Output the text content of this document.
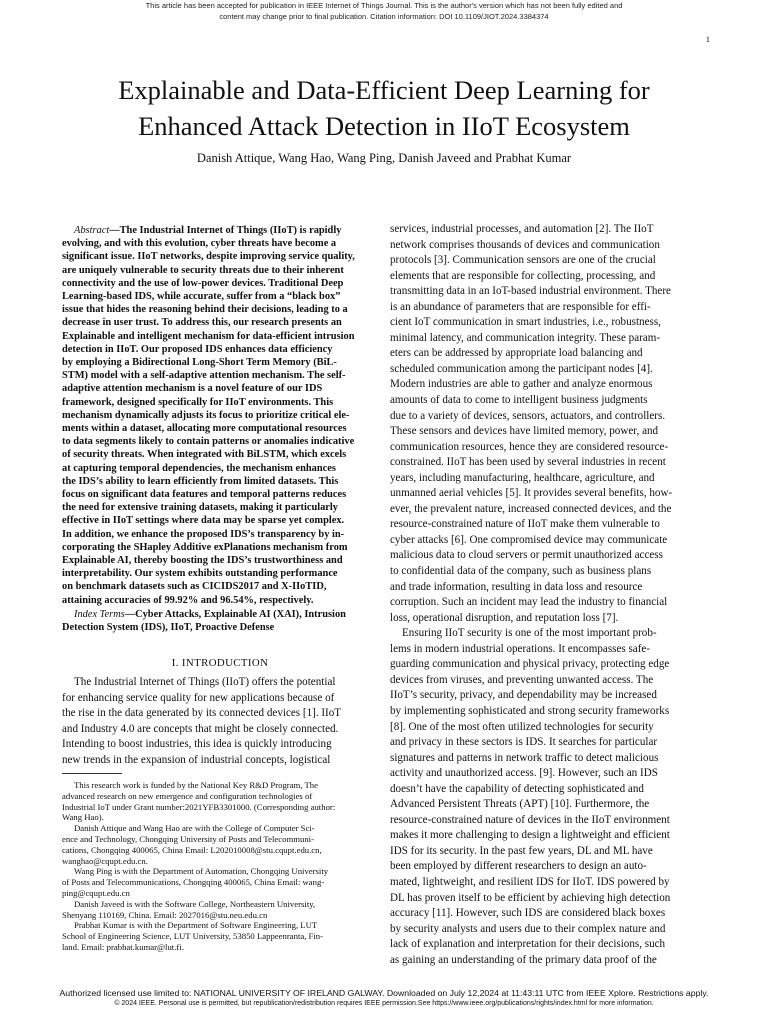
This article has been accepted for publication in IEEE Internet of Things Journal. This is the author's version which has not been fully edited and
content may change prior to final publication. Citation information: DOI 10.1109/JIOT.2024.3384374
1
Explainable and Data-Efficient Deep Learning for
Enhanced Attack Detection in IIoT Ecosystem
Danish Attique, Wang Hao, Wang Ping, Danish Javeed and Prabhat Kumar
Abstract—The Industrial Internet of Things (IIoT) is rapidly
evolving, and with this evolution, cyber threats have become a
significant issue. IIoT networks, despite improving service quality,
are uniquely vulnerable to security threats due to their inherent
connectivity and the use of low-power devices. Traditional Deep
Learning-based IDS, while accurate, suffer from a “black box”
issue that hides the reasoning behind their decisions, leading to a
decrease in user trust. To address this, our research presents an
Explainable and intelligent mechanism for data-efficient intrusion
detection in IIoT. Our proposed IDS enhances data efficiency
by employing a Bidirectional Long-Short Term Memory (BiL-
STM) model with a self-adaptive attention mechanism. The self-
adaptive attention mechanism is a novel feature of our IDS
framework, designed specifically for IIoT environments. This
mechanism dynamically adjusts its focus to prioritize critical ele-
ments within a dataset, allocating more computational resources
to data segments likely to contain patterns or anomalies indicative
of security threats. When integrated with BiLSTM, which excels
at capturing temporal dependencies, the mechanism enhances
the IDS’s ability to learn efficiently from limited datasets. This
focus on significant data features and temporal patterns reduces
the need for extensive training datasets, making it particularly
effective in IIoT settings where data may be sparse yet complex.
In addition, we enhance the proposed IDS’s transparency by in-
corporating the SHapley Additive exPlanations mechanism from
Explainable AI, thereby boosting the IDS’s trustworthiness and
interpretability. Our system exhibits outstanding performance
on benchmark datasets such as CICIDS2017 and X-IIoTID,
attaining accuracies of 99.92% and 96.54%, respectively.
Index Terms—Cyber Attacks, Explainable AI (XAI), Intrusion
Detection System (IDS), IIoT, Proactive Defense
I. INTRODUCTION
The Industrial Internet of Things (IIoT) offers the potential
for enhancing service quality for new applications because of
the rise in the data generated by its connected devices [1]. IIoT
and Industry 4.0 are concepts that might be closely connected.
Intending to boost industries, this idea is quickly introducing
new trends in the expansion of industrial concepts, logistical
This research work is funded by the National Key R&D Program, The
advanced research on new emergence and configuration technologies of
Industrial IoT under Grant number:2021YFB3301000. (Corresponding author:
Wang Hao).
Danish Attique and Wang Hao are with the College of Computer Sci-
ence and Technology, Chongqing University of Posts and Telecommuni-
cations, Chongqing 400065, China Email: L202010008@stu.cqupt.edu.cn,
wanghao@cqupt.edu.cn.
Wang Ping is with the Department of Automation, Chongqing University
of Posts and Telecommunications, Chongqing 400065, China Email: wang-
ping@cqupt.edu.cn
Danish Javeed is with the Software College, Northeastern University,
Shenyang 110169, China. Email: 2027016@stu.neu.edu.cn
Prabhat Kumar is with the Department of Software Engineering, LUT
School of Engineering Science, LUT University, 53850 Lappeenranta, Fin-
land. Email: prabhat.kumar@lut.fi.
services, industrial processes, and automation [2]. The IIoT
network comprises thousands of devices and communication
protocols [3]. Communication sensors are one of the crucial
elements that are responsible for collecting, processing, and
transmitting data in an IoT-based industrial environment. There
is an abundance of parameters that are responsible for effi-
cient IoT communication in smart industries, i.e., robustness,
minimal latency, and communication integrity. These param-
eters can be addressed by appropriate load balancing and
scheduled communication among the participant nodes [4].
Modern industries are able to gather and analyze enormous
amounts of data to come to intelligent business judgments
due to a variety of devices, sensors, actuators, and controllers.
These sensors and devices have limited memory, power, and
communication resources, hence they are considered resource-
constrained. IIoT has been used by several industries in recent
years, including manufacturing, healthcare, agriculture, and
unmanned aerial vehicles [5]. It provides several benefits, how-
ever, the prevalent nature, increased connected devices, and the
resource-constrained nature of IIoT make them vulnerable to
cyber attacks [6]. One compromised device may communicate
malicious data to cloud servers or permit unauthorized access
to confidential data of the company, such as business plans
and trade information, resulting in data loss and resource
corruption. Such an incident may lead the industry to financial
loss, operational disruption, and reputation loss [7].
Ensuring IIoT security is one of the most important prob-
lems in modern industrial operations. It encompasses safe-
guarding communication and physical privacy, protecting edge
devices from viruses, and preventing unwanted access. The
IIoT’s security, privacy, and dependability may be increased
by implementing sophisticated and strong security frameworks
[8]. One of the most often utilized technologies for security
and privacy in these sectors is IDS. It searches for particular
signatures and patterns in network traffic to detect malicious
activity and unauthorized access. [9]. However, such an IDS
doesn’t have the capability of detecting sophisticated and
Advanced Persistent Threats (APT) [10]. Furthermore, the
resource-constrained nature of devices in the IIoT environment
makes it more challenging to design a lightweight and efficient
IDS for its security. In the past few years, DL and ML have
been employed by different researchers to design an auto-
mated, lightweight, and resilient IDS for IIoT. IDS powered by
DL has proven itself to be efficient by achieving high detection
accuracy [11]. However, such IDS are considered black boxes
by security analysts and users due to their complex nature and
lack of explanation and interpretation for their decisions, such
as gaining an understanding of the primary data proof of the
Authorized licensed use limited to: NATIONAL UNIVERSITY OF IRELAND GALWAY. Downloaded on July 12,2024 at 11:43:11 UTC from IEEE Xplore. Restrictions apply.
© 2024 IEEE. Personal use is permitted, but republication/redistribution requires IEEE permission.See https://www.ieee.org/publications/rights/index.html for more information.
